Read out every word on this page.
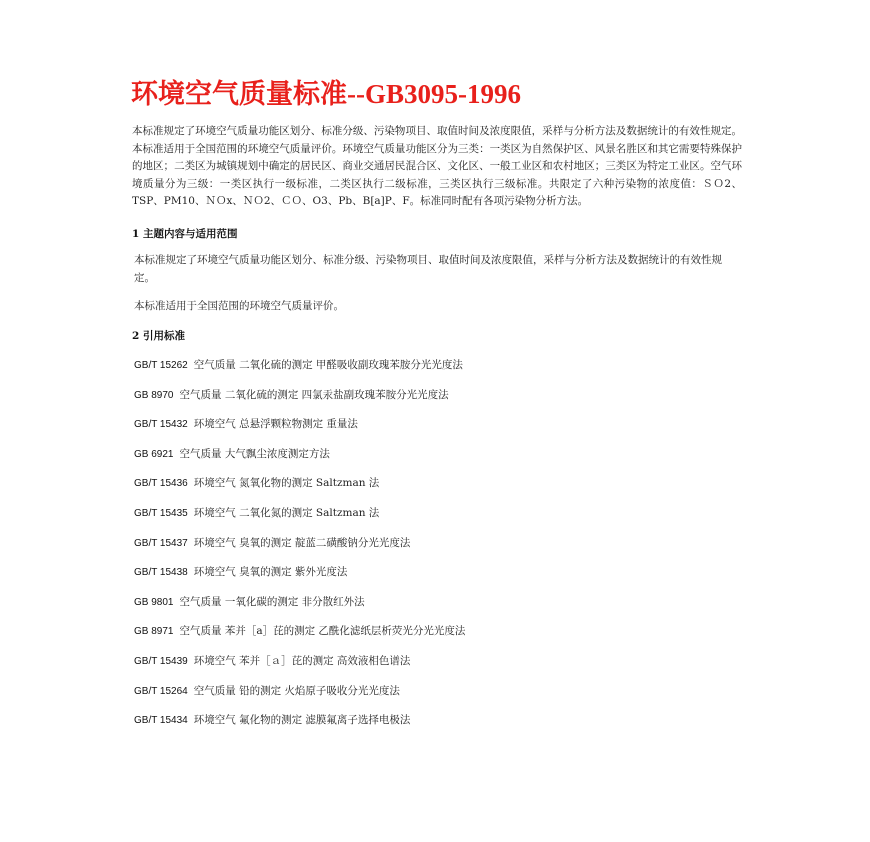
环境空气质量标准--GB3095-1996
本标准规定了环境空气质量功能区划分、标准分级、污染物项目、取值时间及浓度限值，采样与分析方法及数据统计的有效性规定。本标准适用于全国范围的环境空气质量评价。环境空气质量功能区分为三类：一类区为自然保护区、风景名胜区和其它需要特殊保护的地区；二类区为城镇规划中确定的居民区、商业交通居民混合区、文化区、一般工业区和农村地区；三类区为特定工业区。空气环境质量分为三级：一类区执行一级标准，二类区执行二级标准，三类区执行三级标准。共限定了六种污染物的浓度值：ＳＯ2、TSP、PM10、ＮＯx、ＮＯ2、ＣＯ、O3、Pb、B[a]P、F。标准同时配有各项污染物分析方法。
1 主题内容与适用范围
本标准规定了环境空气质量功能区划分、标准分级、污染物项目、取值时间及浓度限值，采样与分析方法及数据统计的有效性规定。
本标准适用于全国范围的环境空气质量评价。
2 引用标准
GB/T 15262 空气质量 二氧化硫的测定 甲醛吸收副玫瑰苯胺分光光度法
GB 8970 空气质量 二氧化硫的测定 四氯汞盐副玫瑰苯胺分光光度法
GB/T 15432 环境空气 总悬浮颗粒物测定 重量法
GB 6921 空气质量 大气飘尘浓度测定方法
GB/T 15436 环境空气 氮氧化物的测定 Saltzman 法
GB/T 15435 环境空气 二氧化氮的测定 Saltzman 法
GB/T 15437 环境空气 臭氧的测定 靛蓝二磺酸钠分光光度法
GB/T 15438 环境空气 臭氧的测定 紫外光度法
GB 9801 空气质量 一氧化碳的测定 非分散红外法
GB 8971 空气质量 苯并［a］芘的测定 乙酰化滤纸层析荧光分光光度法
GB/T 15439 环境空气 苯并［ａ］芘的测定 高效液相色谱法
GB/T 15264 空气质量 铅的测定 火焰原子吸收分光光度法
GB/T 15434 环境空气 氟化物的测定 滤膜氟离子选择电极法
